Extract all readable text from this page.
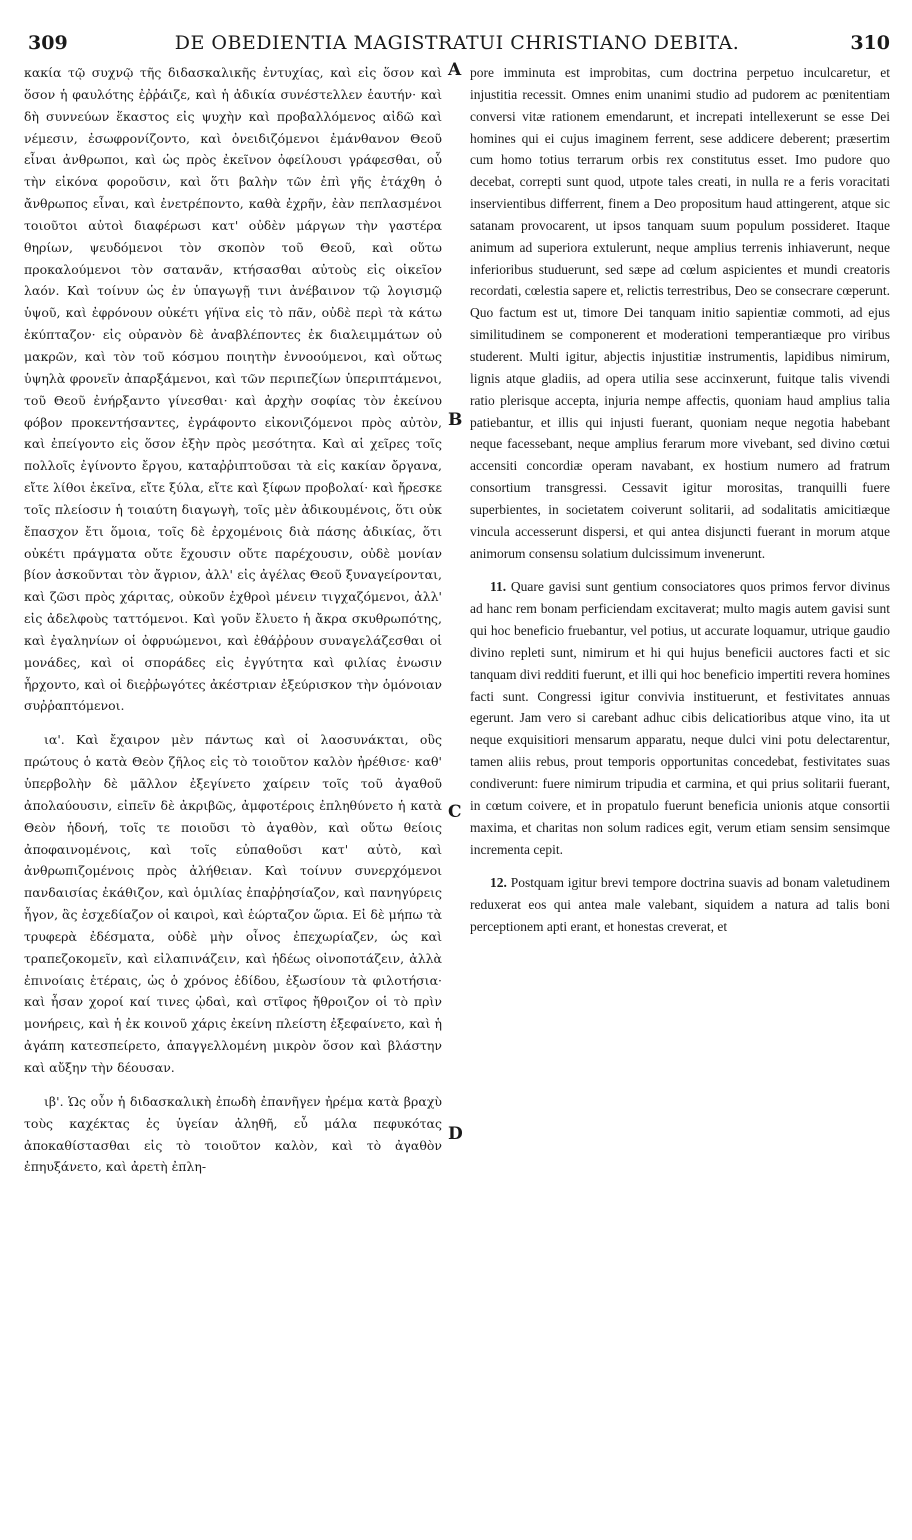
309	DE OBEDIENTIA MAGISTRATUI CHRISTIANO DEBITA.	310

κακία τῷ συχνῷ τῆς διδασκαλικῆς ἐντυχίας, καὶ εἰς ὅσον καὶ ὅσον ἡ φαυλότης ἐῤῥάιζε, καὶ ἡ ἀδικία συνέστελλεν ἑαυτήν· καὶ δὴ συννεύων ἕκαστος εἰς ψυχὴν καὶ προβαλλόμενος αἰδῶ καὶ νέμεσιν, ἐσωφρονίζοντο, καὶ ὀνειδιζόμενοι ἐμάνθανον Θεοῦ εἶναι ἀνθρωποι, καὶ ὡς πρὸς ἐκεῖνον ὀφείλουσι γράφεσθαι, οὗ τὴν εἰκόνα φοροῦσιν, καὶ ὅτι βαλὴν τῶν ἐπὶ γῆς ἐτάχθη ὁ ἄνθρωπος εἶναι, καὶ ἐνετρέποντο, καθὰ ἐχρῆν, ἐὰν πεπλασμένοι τοιοῦτοι αὐτοὶ διαφέρωσι κατ' οὐδὲν μάργων τὴν γαστέρα θηρίων, ψευδόμενοι τὸν σκοπὸν τοῦ Θεοῦ, καὶ οὕτω προκαλούμενοι τὸν σατανᾶν, κτήσασθαι αὐτοὺς εἰς οἰκεῖον λαόν. Καὶ τοίνυν ὡς ἐν ὑπαγωγῇ τινι ἀνέβαινον τῷ λογισμῷ ὑψοῦ, καὶ ἐφρόνουν οὐκέτι γήϊνα εἰς τὸ πᾶν, οὐδὲ περὶ τὰ κάτω ἐκύπταζον· εἰς οὐρανὸν δὲ ἀναβλέποντες ἐκ διαλειμμάτων οὐ μακρῶν, καὶ τὸν τοῦ κόσμου ποιητὴν ἐννοούμενοι, καὶ οὕτως ὑψηλὰ φρονεῖν ἀπαρξάμενοι, καὶ τῶν περιπεζίων ὑπεριπτάμενοι, τοῦ Θεοῦ ἐνήρξαντο γίνεσθαι· καὶ ἀρχὴν σοφίας τὸν ἐκείνου φόβον προκεντήσαντες, ἐγράφοντο εἰκονιζόμενοι πρὸς αὐτὸν, καὶ ἐπείγοντο εἰς ὅσον ἐξὴν πρὸς μεσότητα. Καὶ αἱ χεῖρες τοῖς πολλοῖς ἐγίνοντο ἔργου, καταῤῥιπτοῦσαι τὰ εἰς κακίαν ὄργανα, εἴτε λίθοι ἐκεῖνα, εἴτε ξύλα, εἴτε καὶ ξίφων προβολαί· καὶ ἤρεσκε τοῖς πλείοσιν ἡ τοιαύτη διαγωγὴ, τοῖς μὲν ἀδικουμένοις, ὅτι οὐκ ἔπασχον ἔτι ὅμοια, τοῖς δὲ ἐρχομένοις διὰ πάσης ἀδικίας, ὅτι οὐκέτι πράγματα οὔτε ἔχουσιν οὔτε παρέχουσιν, οὐδὲ μονίαν βίον ἀσκοῦνται τὸν ἄγριον, ἀλλ' εἰς ἀγέλας Θεοῦ ξυναγείρονται, καὶ ζῶσι πρὸς χάριτας, οὐκοῦν ἐχθροὶ μένειν τιγχαζόμενοι, ἀλλ' εἰς ἀδελφοὺς ταττόμενοι. Καὶ γοῦν ἔλυετο ἡ ἄκρα σκυθρωπότης, καὶ ἐγαληνίων οἱ ὀφρυώμενοι, καὶ ἐθάῤῥουν συναγελάζεσθαι οἱ μονάδες, καὶ οἱ σποράδες εἰς ἐγγύτητα καὶ φιλίας ἐνωσιν ἦρχοντο, καὶ οἱ διεῤῥωγότες ἀκέστριαν ἐξεύρισκον τὴν ὁμόνοιαν συῤῥαπτόμενοι.

ια'. Καὶ ἔχαιρον μὲν πάντως καὶ οἱ λαοσυνάκται, οὓς πρώτους ὁ κατὰ Θεὸν ζῆλος εἰς τὸ τοιοῦτον καλὸν ἠρέθισε· καθ' ὑπερβολὴν δὲ μᾶλλον ἐξεγίνετο χαίρειν τοῖς τοῦ ἀγαθοῦ ἀπολαύουσιν, εἰπεῖν δὲ ἀκριβῶς, ἀμφοτέροις ἐπληθύνετο ἡ κατὰ Θεὸν ἡδονή, τοῖς τε ποιοῦσι τὸ ἀγαθὸν, καὶ οὕτω θείοις ἀποφαινομένοις, καὶ τοῖς εὐπαθοῦσι κατ' αὐτὸ, καὶ ἀνθρωπιζομένοις πρὸς ἀλήθειαν. Καὶ τοίνυν συνερχόμενοι πανδαισίας ἐκάθιζον, καὶ ὁμιλίας ἐπαῤῥησίαζον, καὶ πανηγύρεις ἦγον, ἃς ἐσχεδίαζον οἱ καιροὶ, καὶ ἑώρταζον ὥρια. Εἰ δὲ μήπω τὰ τρυφερὰ ἐδέσματα, οὐδὲ μὴν οἶνος ἐπεχωρίαζεν, ὡς καὶ τραπεζοκομεῖν, καὶ εἰλαπινάζειν, καὶ ἡδέως οἰνοποτάζειν, ἀλλὰ ἐπινοίαις ἑτέραις, ὡς ὁ χρόνος ἐδίδου, ἐξωσίουν τὰ φιλοτήσια· καὶ ἦσαν χοροί καί τινες ᾠδαὶ, καὶ στῖφος ἤθροιζον οἱ τὸ πρὶν μονήρεις, καὶ ἡ ἐκ κοινοῦ χάρις ἐκείνη πλείστη ἐξεφαίνετο, καὶ ἡ ἀγάπη κατεσπείρετο, ἀπαγγελλομένη μικρὸν ὅσον καὶ βλάστην καὶ αὔξην τὴν δέουσαν.

ιβ'. Ὡς οὖν ἡ διδασκαλικὴ ἐπωδὴ ἐπανῆγεν ἠρέμα κατὰ βραχὺ τοὺς καχέκτας ἐς ὑγείαν ἀληθῆ, εὖ μάλα πεφυκότας ἀποκαθίστασθαι εἰς τὸ τοιοῦτον καλὸν, καὶ τὸ ἀγαθὸν ἐπηυξάνετο, καὶ ἀρετὴ ἐπλη-

A
B
C
D

pore imminuta est improbitas, cum doctrina perpetuo inculcaretur, et injustitia recessit. Omnes enim unanimi studio ad pudorem ac pœnitentiam conversi vitæ rationem emendarunt, et increpati intellexerunt se esse Dei homines qui ei cujus imaginem ferrent, sese addicere deberent; præsertim cum homo totius terrarum orbis rex constitutus esset. Imo pudore quo decebat, correpti sunt quod, utpote tales creati, in nulla re a feris voracitati inservientibus differrent, finem a Deo propositum haud attingerent, atque sic satanam provocarent, ut ipsos tanquam suum populum possideret. Itaque animum ad superiora extulerunt, neque amplius terrenis inhiaverunt, neque inferioribus studuerunt, sed sæpe ad cœlum aspicientes et mundi creatoris recordati, cœlestia sapere et, relictis terrestribus, Deo se consecrare cœperunt. Quo factum est ut, timore Dei tanquam initio sapientiæ commoti, ad ejus similitudinem se componerent et moderationi temperantiæque pro viribus studerent. Multi igitur, abjectis injustitiæ instrumentis, lapidibus nimirum, lignis atque gladiis, ad opera utilia sese accinxerunt, fuitque talis vivendi ratio plerisque accepta, injuria nempe affectis, quoniam haud amplius talia patiebantur, et illis qui injusti fuerant, quoniam neque negotia habebant neque facessebant, neque amplius ferarum more vivebant, sed divino cœtui accensiti concordiæ operam navabant, ex hostium numero ad fratrum consortium transgressi. Cessavit igitur morositas, tranquilli fuere superbientes, in societatem coiverunt solitarii, ad sodalitatis amicitiæque vincula accesserunt dispersi, et qui antea disjuncti fuerant in morum atque animorum consensu solatium dulcissimum invenerunt.

11. Quare gavisi sunt gentium consociatores quos primos fervor divinus ad hanc rem bonam perficiendam excitaverat; multo magis autem gavisi sunt qui hoc beneficio fruebantur, vel potius, ut accurate loquamur, utrique gaudio divino repleti sunt, nimirum et hi qui hujus beneficii auctores facti et sic tanquam divi redditi fuerunt, et illi qui hoc beneficio impertiti revera homines facti sunt. Congressi igitur convivia instituerunt, et festivitates annuas egerunt. Jam vero si carebant adhuc cibis delicatioribus atque vino, ita ut neque exquisitiori mensarum apparatu, neque dulci vini potu delectarentur, tamen aliis rebus, prout temporis opportunitas concedebat, festivitates suas condiverunt: fuere nimirum tripudia et carmina, et qui prius solitarii fuerant, in cœtum coivere, et in propatulo fuerunt beneficia unionis atque consortii maxima, et charitas non solum radices egit, verum etiam sensim sensimque incrementa cepit.

12. Postquam igitur brevi tempore doctrina suavis ad bonam valetudinem reduxerat eos qui antea male valebant, siquidem a natura ad talis boni perceptionem apti erant, et honestas creverat, et
